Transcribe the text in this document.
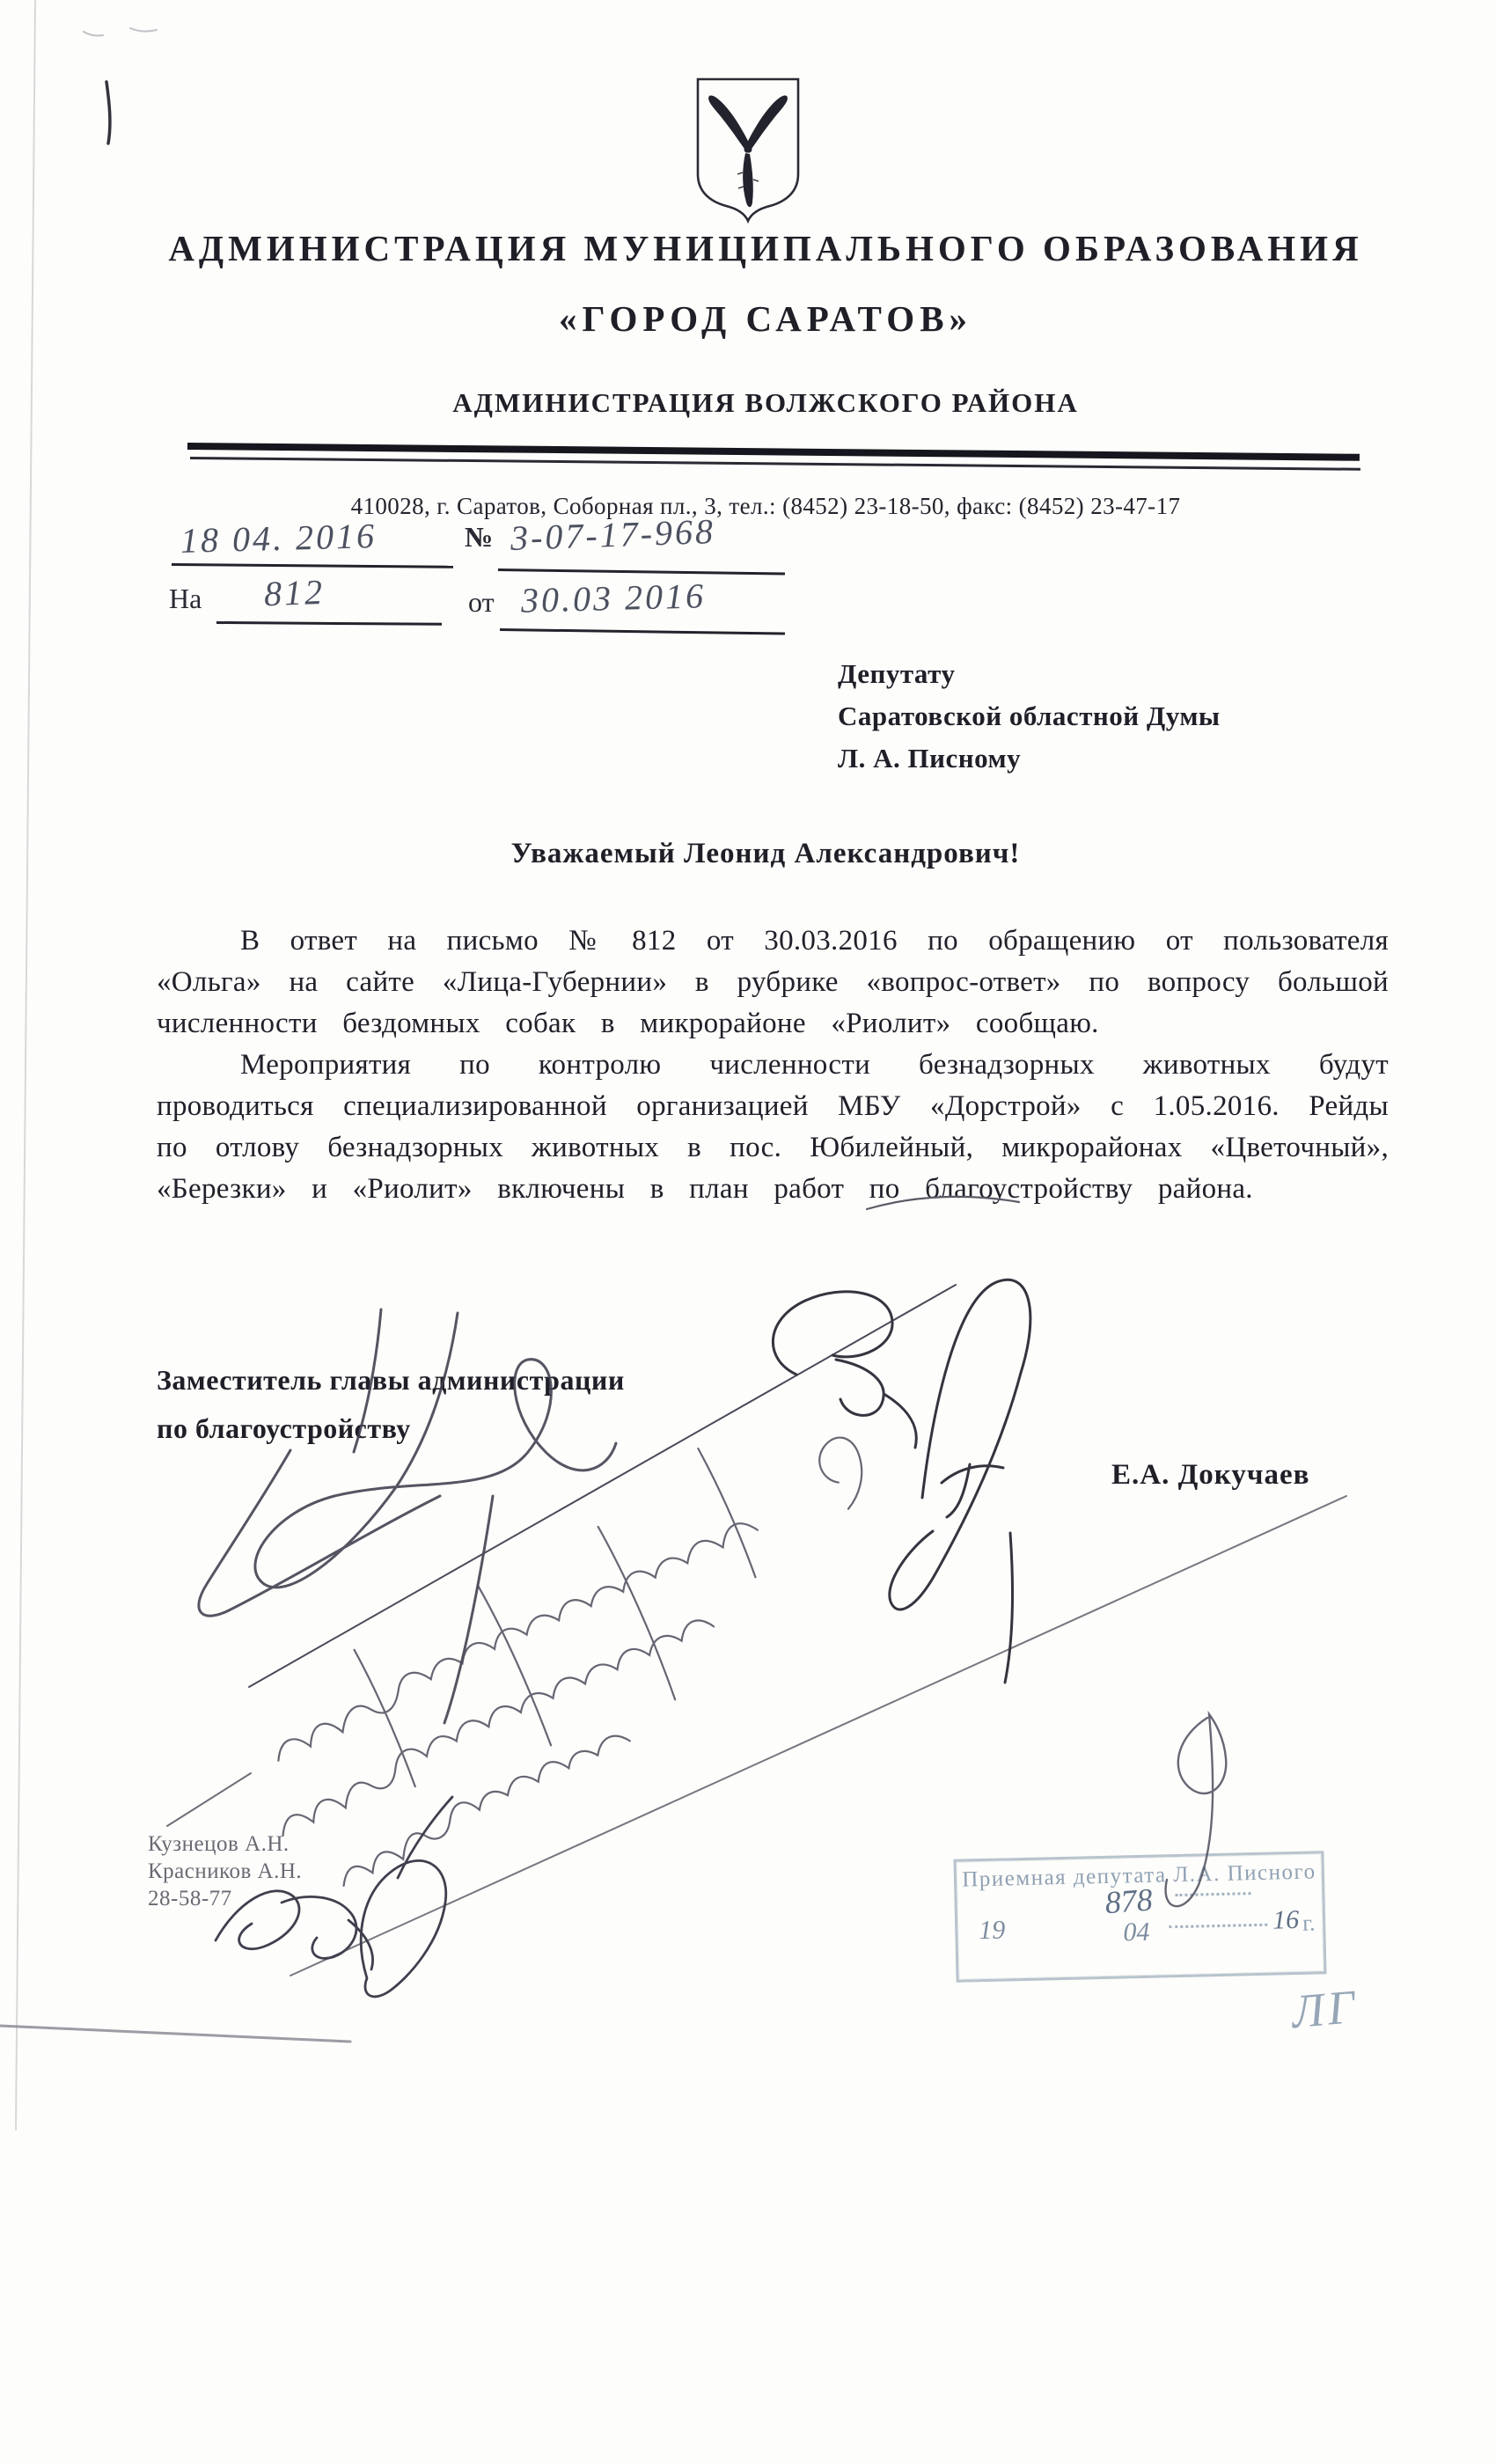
АДМИНИСТРАЦИЯ МУНИЦИПАЛЬНОГО ОБРАЗОВАНИЯ
«ГОРОД САРАТОВ»
АДМИНИСТРАЦИЯ ВОЛЖСКОГО РАЙОНА
410028, г. Саратов, Соборная пл., 3, тел.: (8452) 23-18-50, факс: (8452) 23-47-17
18 04. 2016	№ 3-07-17-968
На 812	от 30.03 2016
Депутату
Саратовской областной Думы
Л. А. Писному
Уважаемый Леонид Александрович!

В ответ на письмо № 812 от 30.03.2016 по обращению от пользователя «Ольга» на сайте «Лица-Губернии» в рубрике «вопрос-ответ» по вопросу большой численности бездомных собак в микрорайоне «Риолит» сообщаю.

Мероприятия по контролю численности безнадзорных животных будут проводиться специализированной организацией МБУ «Дорстрой» с 1.05.2016. Рейды по отлову безнадзорных животных в пос. Юбилейный, микрорайонах «Цветочный», «Березки» и «Риолит» включены в план работ по благоустройству района.

Заместитель главы администрации
по благоустройству
Е.А. Докучаев
Кузнецов А.Н.
Красников А.Н.
28-58-77
Приемная депутата Л.А. Писного
878
19	04	16 г.
ЛГ
